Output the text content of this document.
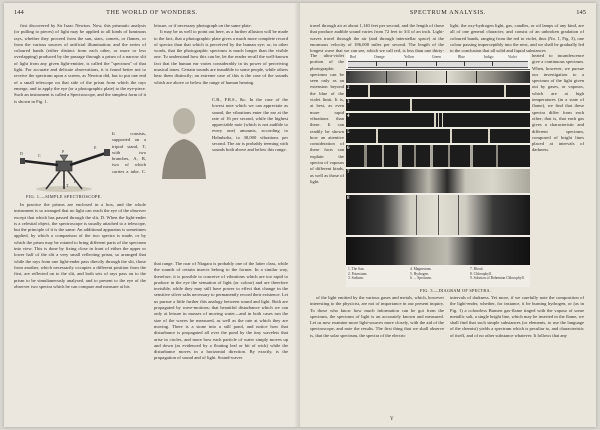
144	THE WORLD OF WONDERS.

first discovered by Sir Isaac Newton. Now, this prismatic analysis (or pulling to pieces) of light may be applied to all kinds of luminous rays, whether they proceed from the sun, stars, comets, or flames, or from the various sources of artificial illumination; and the series of coloured bands (either distinct from each other, or more or less overlapping) produced by the passage through a prism of a narrow slit of light from any given light-emitter, is called the "spectrum" of that light. For accurate and delicate observations, it is found better not to receive the spectrum upon a screen, as Newton did, but to put one end of a small telescope on that side of the prism from which the rays emerge, and to apply the eye (or a photographic plate) to the eye-piece. Such an instrument is called a Spectroscope, and the simplest form of it is shown in Fig. 1.

It consists, supported on a tripod stand, T, with two branches, A, B, two of which carries a tube, C,

D	C
P
E
A	B
T
FIG. 1.—SIMPLE SPECTROSCOPE.

In practice the prisms are enclosed in a box, and the whole instrument is so arranged that no light can reach the eye of the observer except that which has passed through the slit, D. When the light-ender is a celestial object, the spectroscope is usually attached to a telescope, but the principle of it is the same. An additional apparatus is sometimes applied, by which a comparison of the two spectra is made, or by which the prism may be rotated to bring different parts of the spectrum into view. This is done by fixing close in front of either the upper or lower half of the slit a very small reflecting prism, so arranged that while the rays from one light-ender pass directly through the slit, those from another, which necessarily occupies a different position from the first, are reflected on to the slit, and both sets of rays pass on to the prism to be simultaneously analysed, and to present to the eye of the observer two spectra which he can compare and measure at his

leisure, or if necessary photograph on the same plate.

It may be as well to point out here, as a further allusion will be made to the fact, that a photographic plate gives a much more complete record of spectra than that which is perceived by the human eye; or, in other words, that the photographic spectrum is much longer than the visible one. To understand how this can be, let the reader recall the well-known fact that the human ear varies considerably in its power of perceiving musical tones. Certain sounds are inaudible to some people, while others hear them distinctly; an extreme case of this is the case of the sounds which are above or below the range of human hearing.

C.B., F.R.S., &c. In the case of the lowest note which we can appreciate as sound, the vibrations enter the ear at the rate of 16 per second, while the highest appreciable note (which is not audible to every one) amounts, according to Helmholtz, to 38,000 vibrations per second. The air is probably teeming with sounds both above and below this range.

that range. The roar of Niagara is probably one of the latter class, while the sounds of certain insects belong to the former. In a similar way, therefore, it is possible to conceive of vibrations which are too rapid to produce in the eye the sensation of light (or colour) and are therefore invisible, while they may still have power to effect that change in the sensitive silver salts necessary to permanently record their existence. Let us pursue a little further this analogy between sound and light. Both are propagated by wave-motions; that beautiful disturbance which we can only at leisure in masses of moving water—and in both cases run the size of the waves be measured, as well as the rate at which they are moving. There is a stone into a still pond, and notice how that disturbance is propagated all over the pond by the tiny wavelets that arise in circles, and more how each particle of water simply moves up and down (as evidenced by a floating leaf or bit of wick) while the disturbance moves in a horizontal direction. By exactly, is the propagation of sound and of light. Sound-waves

SPECTRUM ANALYSIS.	145

travel through air at about 1,140 feet per second, and the length of those that produce audible sound varies from 72 feet to 3/4 of an inch. Light-waves travel through the air (and through interstellar space) at the enormous velocity of 186,000 miles per second. The length of the longest wave that we can see, which we call red, is less than one thirty-

The ultra-violet portion of the photographic spectrum can be seen only as an extension beyond the blue of the violet limit. It is, at best, as even more rapid vibrations than these. It can readily be shown how an attentive consideration of these facts can explain the spectra of vapours of different kinds, as well as those of light.

Red	Orange	Yellow	Green	Blue	Indigo	Violet
1
2
3
4
5
6
7
8
1. The Sun.
2. Potassium.
3. Sodium.
4. Magnesium.
5. Hydrogen.
6. ... Spectrum.
7. Blood.
8. Chlorophyll.
9. Solution of Bohemian Chlorophyll.
FIG. 3.—DIAGRAM OF SPECTRA.

of the light emitted by the various gases and metals, which, however interesting to the physicist, are not of importance in our present inquiry. To those who know how much information can be got from the spectrum, the spectrum of light is an accurately known and measured. Let us now examine more light-sources more closely, with the aid of the spectroscope, and note the results. The first thing that we shall observe is, that the solar spectrum, the spectra of the electric

light, the oxy-hydrogen light, gas, candles, or oil lamps of any kind, are all of one general character, and consist of an unbroken gradation of coloured bands, ranging from the red to violet, thus (No. 1, Fig. 3), one colour passing imperceptibly into the next, and we shall be gradually led to the conclusion that all solid and liquid substances

heated to incandescence give a continuous spectrum. When, however, we pursue our investigation to a spectrum of the light given out by gases, or vapours, which are at high temperatures (in a state of flame), we find that these spectra differ from each other; that is, that each gas gives a characteristic and different spectrum, composed of bright lines placed at intervals of darkness.

intervals of darkness. Yet more, if we carefully note the composition of the light-ender, whether, for instance, it be burning hydrogen, or (as in Fig. 1) a colourless Bunsen gas-flame tinged with the vapour of some metallic salt, a single bright line, which may be inserted in the flame, we shall find that such simple substances (or elements, to use the language of the chemist) yields a spectrum which is peculiar to, and characteristic of itself, and of no other substance whatever. It follows that any

Y
